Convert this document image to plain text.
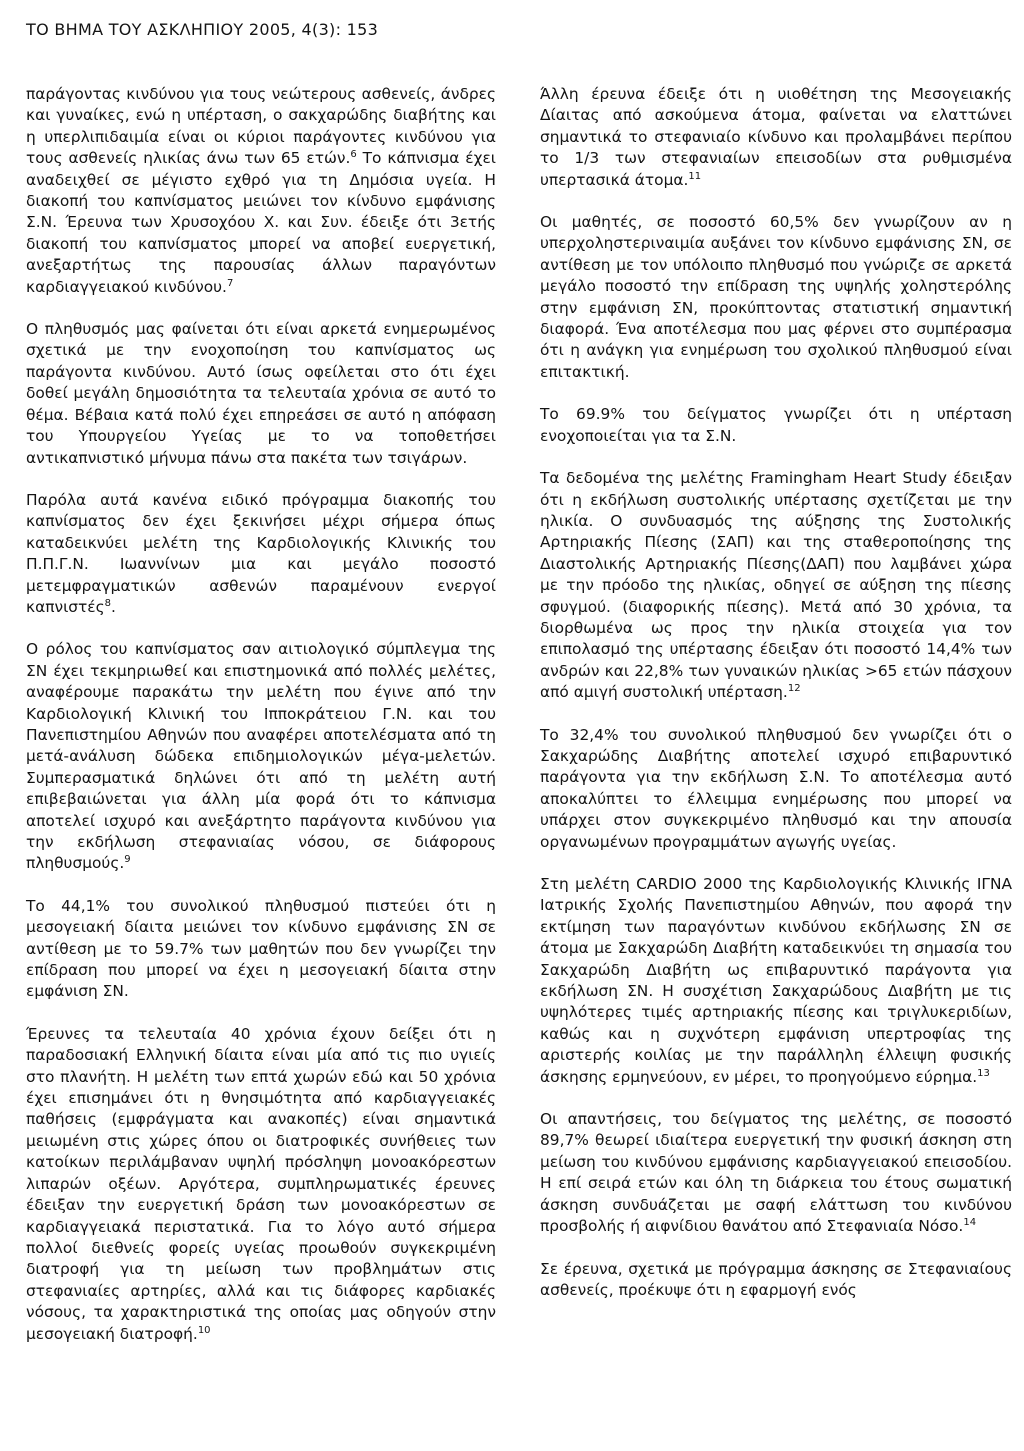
ΤΟ ΒΗΜΑ ΤΟΥ ΑΣΚΛΗΠΙΟΥ 2005, 4(3): 153

παράγοντας κινδύνου για τους νεώτερους ασθενείς, άνδρες και γυναίκες, ενώ η υπέρταση, ο σακχαρώδης διαβήτης και η υπερλιπιδαιμία είναι οι κύριοι παράγοντες κινδύνου για τους ασθενείς ηλικίας άνω των 65 ετών.$^6$ Το κάπνισμα έχει αναδειχθεί σε μέγιστο εχθρό για τη Δημόσια υγεία. Η διακοπή του καπνίσματος μειώνει τον κίνδυνο εμφάνισης Σ.Ν. Έρευνα των Χρυσοχόου Χ. και Συν. έδειξε ότι 3ετής διακοπή του καπνίσματος μπορεί να αποβεί ευεργετική, ανεξαρτήτως της παρουσίας άλλων παραγόντων καρδιαγγειακού κινδύνου.$^7$

Ο πληθυσμός μας φαίνεται ότι είναι αρκετά ενημερωμένος σχετικά με την ενοχοποίηση του καπνίσματος ως παράγοντα κινδύνου. Αυτό ίσως οφείλεται στο ότι έχει δοθεί μεγάλη δημοσιότητα τα τελευταία χρόνια σε αυτό το θέμα. Βέβαια κατά πολύ έχει επηρεάσει σε αυτό η απόφαση του Υπουργείου Υγείας με το να τοποθετήσει αντικαπνιστικό μήνυμα πάνω στα πακέτα των τσιγάρων.

Παρόλα αυτά κανένα ειδικό πρόγραμμα διακοπής του καπνίσματος δεν έχει ξεκινήσει μέχρι σήμερα όπως καταδεικνύει μελέτη της Καρδιολογικής Κλινικής του Π.Π.Γ.Ν. Ιωαννίνων μια και μεγάλο ποσοστό μετεμφραγματικών ασθενών παραμένουν ενεργοί καπνιστές$^8$.

Ο ρόλος του καπνίσματος σαν αιτιολογικό σύμπλεγμα της ΣΝ έχει τεκμηριωθεί και επιστημονικά από πολλές μελέτες, αναφέρουμε παρακάτω την μελέτη που έγινε από την Καρδιολογική Κλινική του Ιπποκράτειου Γ.Ν. και του Πανεπιστημίου Αθηνών που αναφέρει αποτελέσματα από τη μετά-ανάλυση δώδεκα επιδημιολογικών μέγα-μελετών. Συμπερασματικά δηλώνει ότι από τη μελέτη αυτή επιβεβαιώνεται για άλλη μία φορά ότι το κάπνισμα αποτελεί ισχυρό και ανεξάρτητο παράγοντα κινδύνου για την εκδήλωση στεφανιαίας νόσου, σε διάφορους πληθυσμούς.$^9$

Το 44,1% του συνολικού πληθυσμού πιστεύει ότι η μεσογειακή δίαιτα μειώνει τον κίνδυνο εμφάνισης ΣΝ σε αντίθεση με το 59.7% των μαθητών που δεν γνωρίζει την επίδραση που μπορεί να έχει η μεσογειακή δίαιτα στην εμφάνιση ΣΝ.

Έρευνες τα τελευταία 40 χρόνια έχουν δείξει ότι η παραδοσιακή Ελληνική δίαιτα είναι μία από τις πιο υγιείς στο πλανήτη. Η μελέτη των επτά χωρών εδώ και 50 χρόνια έχει επισημάνει ότι η θνησιμότητα από καρδιαγγειακές παθήσεις (εμφράγματα και ανακοπές) είναι σημαντικά μειωμένη στις χώρες όπου οι διατροφικές συνήθειες των κατοίκων περιλάμβαναν υψηλή πρόσληψη μονοακόρεστων λιπαρών οξέων. Αργότερα, συμπληρωματικές έρευνες έδειξαν την ευεργετική δράση των μονοακόρεστων σε καρδιαγγειακά περιστατικά. Για το λόγο αυτό σήμερα πολλοί διεθνείς φορείς υγείας προωθούν συγκεκριμένη διατροφή για τη μείωση των προβλημάτων στις στεφανιαίες αρτηρίες, αλλά και τις διάφορες καρδιακές νόσους, τα χαρακτηριστικά της οποίας μας οδηγούν στην μεσογειακή διατροφή.$^{10}$

Άλλη έρευνα έδειξε ότι η υιοθέτηση της Μεσογειακής Δίαιτας από ασκούμενα άτομα, φαίνεται να ελαττώνει σημαντικά το στεφανιαίο κίνδυνο και προλαμβάνει περίπου το 1/3 των στεφανιαίων επεισοδίων στα ρυθμισμένα υπερτασικά άτομα.$^{11}$

Οι μαθητές, σε ποσοστό 60,5% δεν γνωρίζουν αν η υπερχοληστεριναιμία αυξάνει τον κίνδυνο εμφάνισης ΣΝ, σε αντίθεση με τον υπόλοιπο πληθυσμό που γνώριζε σε αρκετά μεγάλο ποσοστό την επίδραση της υψηλής χοληστερόλης στην εμφάνιση ΣΝ, προκύπτοντας στατιστική σημαντική διαφορά. Ένα αποτέλεσμα που μας φέρνει στο συμπέρασμα ότι η ανάγκη για ενημέρωση του σχολικού πληθυσμού είναι επιτακτική.

Το 69.9% του δείγματος γνωρίζει ότι η υπέρταση ενοχοποιείται για τα Σ.Ν.

Τα δεδομένα της μελέτης Framingham Heart Study έδειξαν ότι η εκδήλωση συστολικής υπέρτασης σχετίζεται με την ηλικία. Ο συνδυασμός της αύξησης της Συστολικής Αρτηριακής Πίεσης (ΣΑΠ) και της σταθεροποίησης της Διαστολικής Αρτηριακής Πίεσης(ΔΑΠ) που λαμβάνει χώρα με την πρόοδο της ηλικίας, οδηγεί σε αύξηση της πίεσης σφυγμού. (διαφορικής πίεσης). Μετά από 30 χρόνια, τα διορθωμένα ως προς την ηλικία στοιχεία για τον επιπολασμό της υπέρτασης έδειξαν ότι ποσοστό 14,4% των ανδρών και 22,8% των γυναικών ηλικίας >65 ετών πάσχουν από αμιγή συστολική υπέρταση.$^{12}$

Το 32,4% του συνολικού πληθυσμού δεν γνωρίζει ότι ο Σακχαρώδης Διαβήτης αποτελεί ισχυρό επιβαρυντικό παράγοντα για την εκδήλωση Σ.Ν. Το αποτέλεσμα αυτό αποκαλύπτει το έλλειμμα ενημέρωσης που μπορεί να υπάρχει στον συγκεκριμένο πληθυσμό και την απουσία οργανωμένων προγραμμάτων αγωγής υγείας.

Στη μελέτη CARDIO 2000 της Καρδιολογικής Κλινικής ΙΓΝΑ Ιατρικής Σχολής Πανεπιστημίου Αθηνών, που αφορά την εκτίμηση των παραγόντων κινδύνου εκδήλωσης ΣΝ σε άτομα με Σακχαρώδη Διαβήτη καταδεικνύει τη σημασία του Σακχαρώδη Διαβήτη ως επιβαρυντικό παράγοντα για εκδήλωση ΣΝ. Η συσχέτιση Σακχαρώδους Διαβήτη με τις υψηλότερες τιμές αρτηριακής πίεσης και τριγλυκεριδίων, καθώς και η συχνότερη εμφάνιση υπερτροφίας της αριστερής κοιλίας με την παράλληλη έλλειψη φυσικής άσκησης ερμηνεύουν, εν μέρει, το προηγούμενο εύρημα.$^{13}$

Οι απαντήσεις, του δείγματος της μελέτης, σε ποσοστό 89,7% θεωρεί ιδιαίτερα ευεργετική την φυσική άσκηση στη μείωση του κινδύνου εμφάνισης καρδιαγγειακού επεισοδίου. Η επί σειρά ετών και όλη τη διάρκεια του έτους σωματική άσκηση συνδυάζεται με σαφή ελάττωση του κινδύνου προσβολής ή αιφνίδιου θανάτου από Στεφανιαία Νόσο.$^{14}$

Σε έρευνα, σχετικά με πρόγραμμα άσκησης σε Στεφανιαίους ασθενείς, προέκυψε ότι η εφαρμογή ενός
